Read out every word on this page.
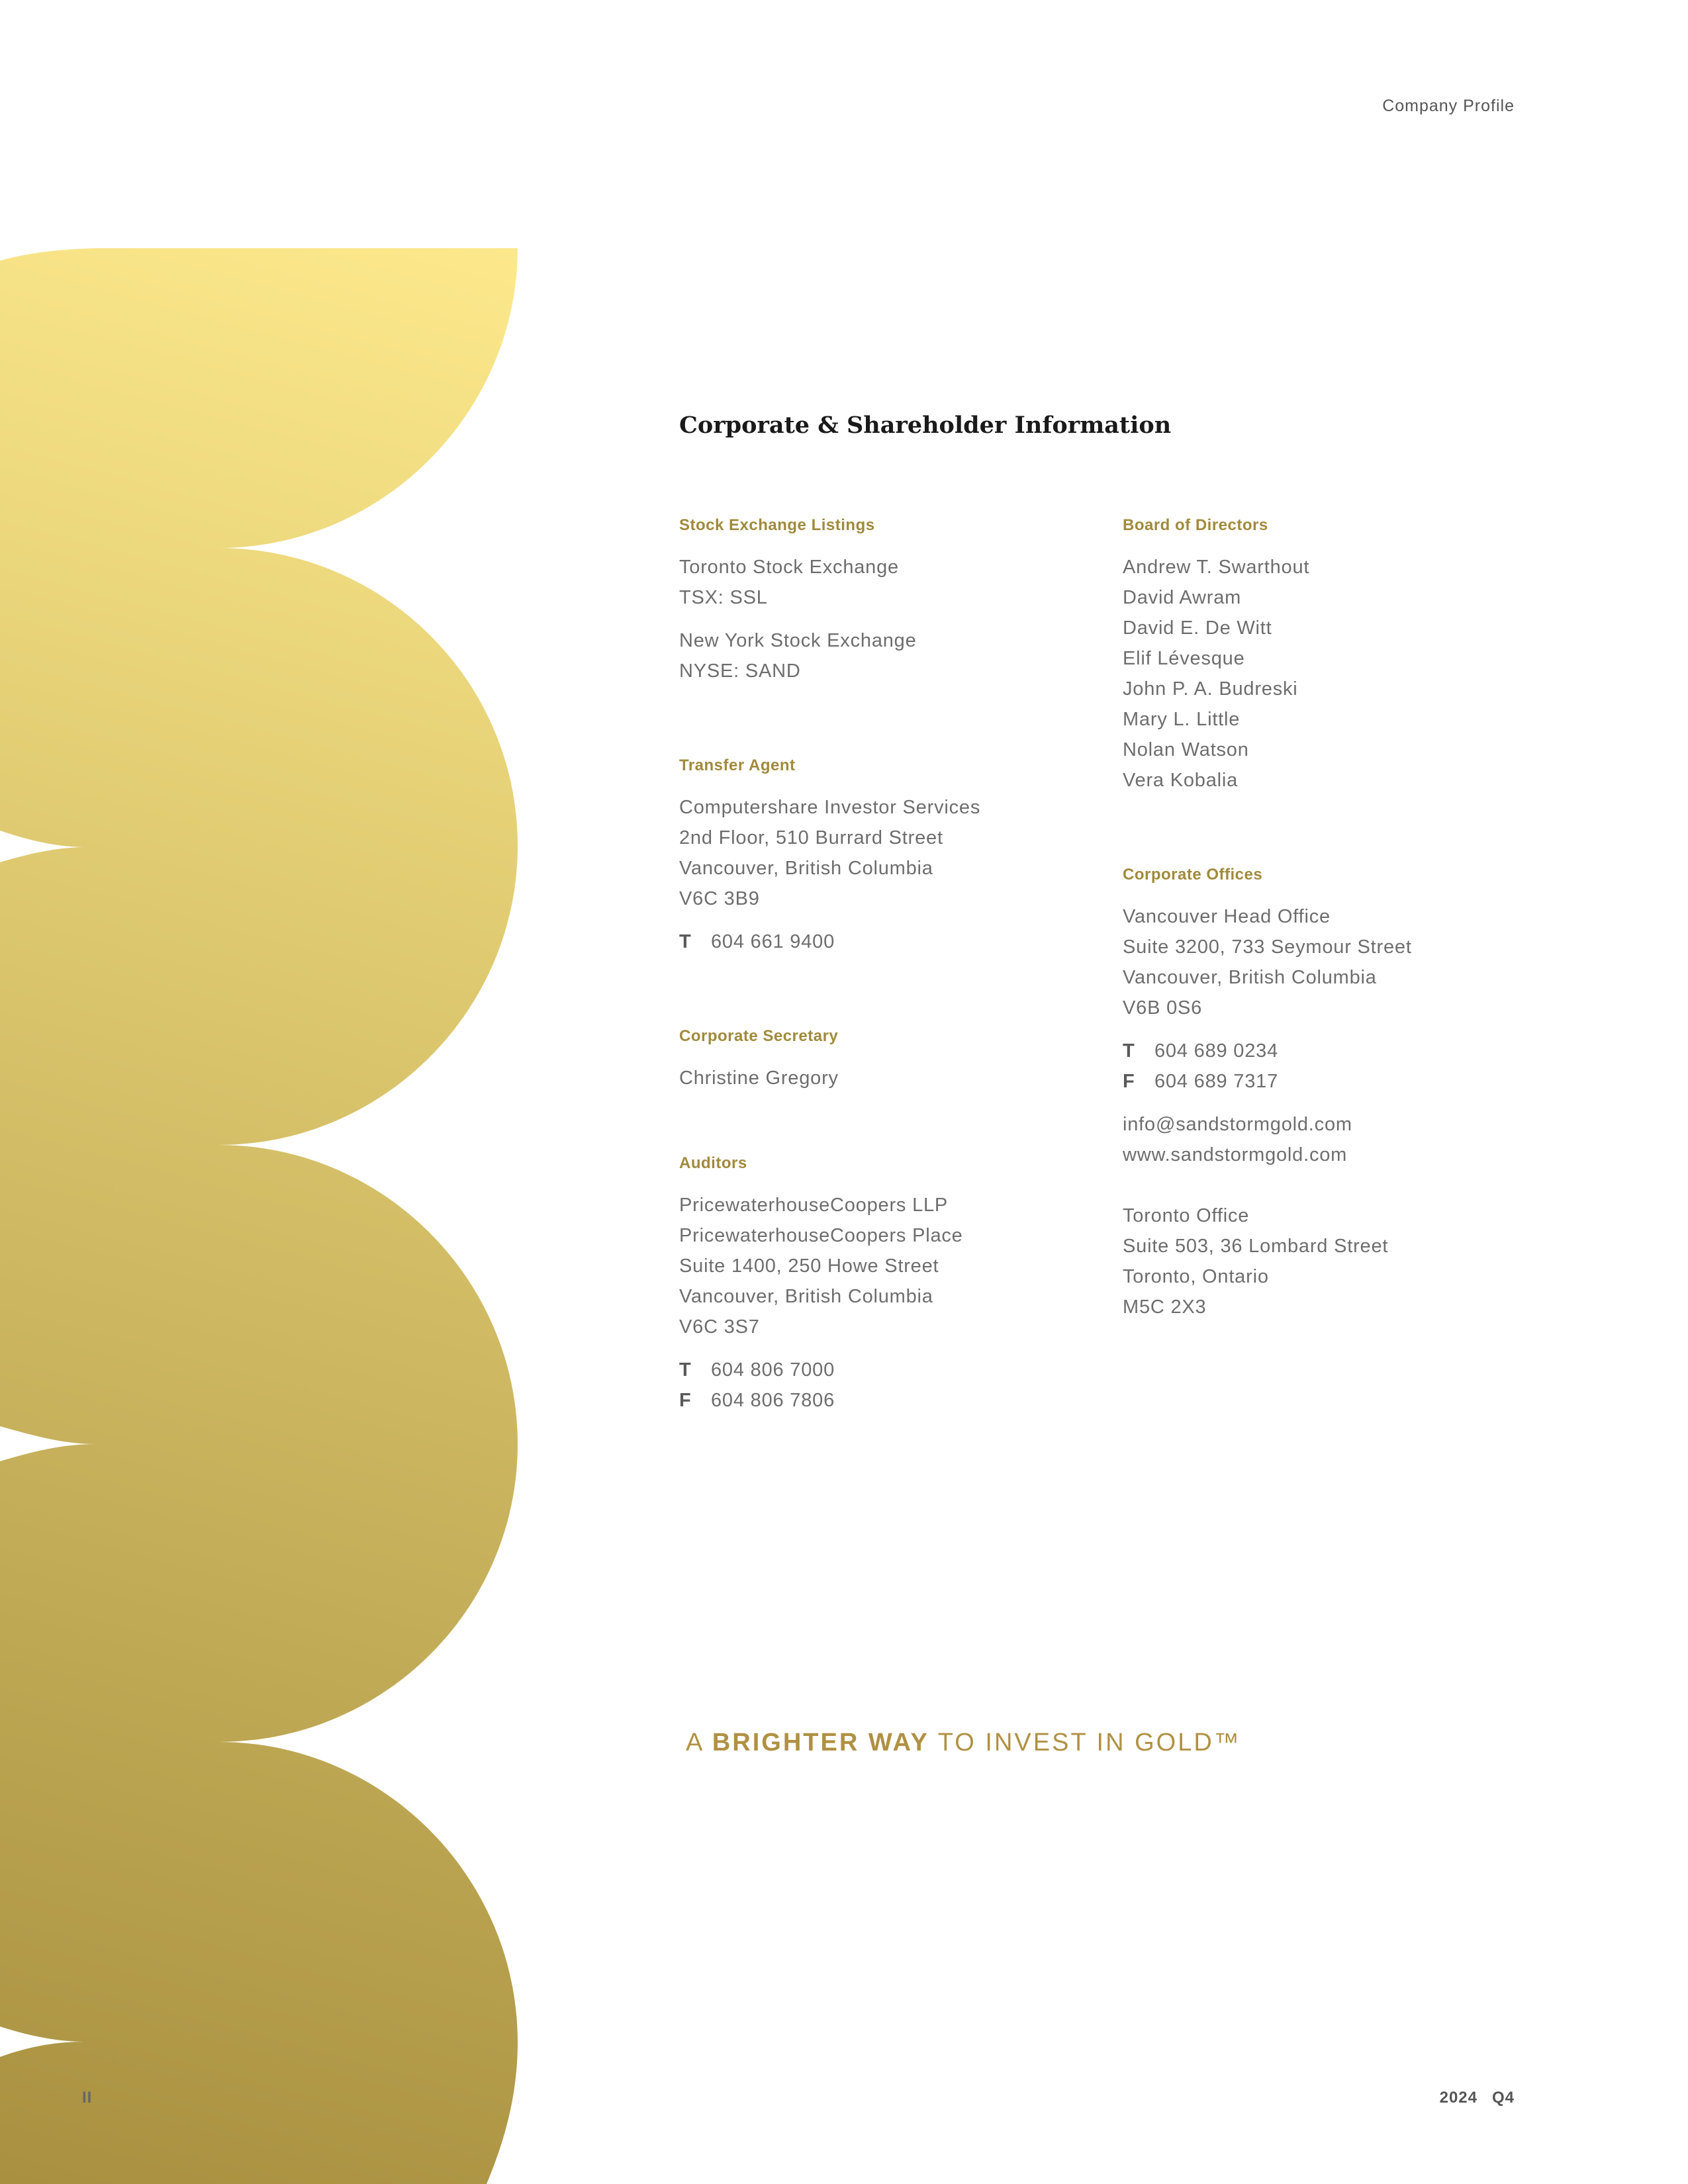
Company Profile
Corporate & Shareholder Information
Stock Exchange Listings
Toronto Stock Exchange
TSX: SSL
New York Stock Exchange
NYSE: SAND
Transfer Agent
Computershare Investor Services
2nd Floor, 510 Burrard Street
Vancouver, British Columbia
V6C 3B9
T 604 661 9400
Corporate Secretary
Christine Gregory
Auditors
PricewaterhouseCoopers LLP
PricewaterhouseCoopers Place
Suite 1400, 250 Howe Street
Vancouver, British Columbia
V6C 3S7
T 604 806 7000
F 604 806 7806
Board of Directors
Andrew T. Swarthout
David Awram
David E. De Witt
Elif Lévesque
John P. A. Budreski
Mary L. Little
Nolan Watson
Vera Kobalia
Corporate Offices
Vancouver Head Office
Suite 3200, 733 Seymour Street
Vancouver, British Columbia
V6B 0S6
T 604 689 0234
F 604 689 7317
info@sandstormgold.com
www.sandstormgold.com
Toronto Office
Suite 503, 36 Lombard Street
Toronto, Ontario
M5C 2X3
A BRIGHTER WAY TO INVEST IN GOLD™
II	2024 Q4
